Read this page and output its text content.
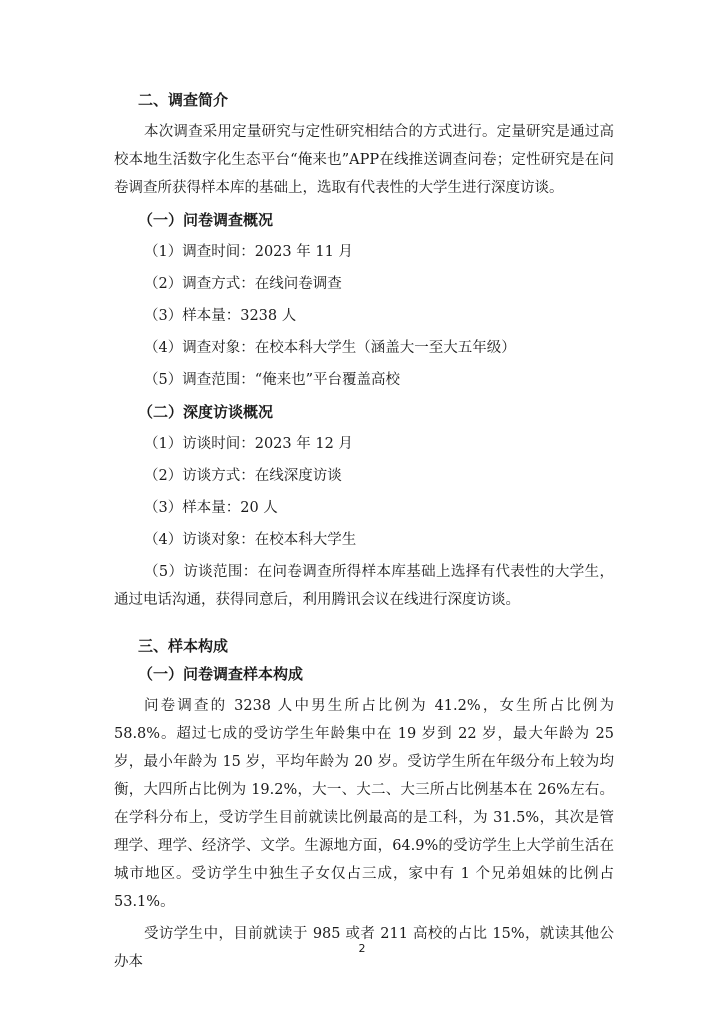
二、调查简介

本次调查采用定量研究与定性研究相结合的方式进行。定量研究是通过高校本地生活数字化生态平台“俺来也”APP在线推送调查问卷；定性研究是在问卷调查所获得样本库的基础上，选取有代表性的大学生进行深度访谈。

（一）问卷调查概况

（1）调查时间：2023 年 11 月

（2）调查方式：在线问卷调查

（3）样本量：3238 人

（4）调查对象：在校本科大学生（涵盖大一至大五年级）

（5）调查范围：“俺来也”平台覆盖高校

（二）深度访谈概况

（1）访谈时间：2023 年 12 月

（2）访谈方式：在线深度访谈

（3）样本量：20 人

（4）访谈对象：在校本科大学生

（5）访谈范围：在问卷调查所得样本库基础上选择有代表性的大学生，通过电话沟通，获得同意后，利用腾讯会议在线进行深度访谈。

三、样本构成

（一）问卷调查样本构成

问卷调查的 3238 人中男生所占比例为 41.2%，女生所占比例为 58.8%。超过七成的受访学生年龄集中在 19 岁到 22 岁，最大年龄为 25 岁，最小年龄为 15 岁，平均年龄为 20 岁。受访学生所在年级分布上较为均衡，大四所占比例为 19.2%，大一、大二、大三所占比例基本在 26%左右。在学科分布上，受访学生目前就读比例最高的是工科，为 31.5%，其次是管理学、理学、经济学、文学。生源地方面，64.9%的受访学生上大学前生活在城市地区。受访学生中独生子女仅占三成，家中有 1 个兄弟姐妹的比例占 53.1%。

受访学生中，目前就读于 985 或者 211 高校的占比 15%，就读其他公办本

2
